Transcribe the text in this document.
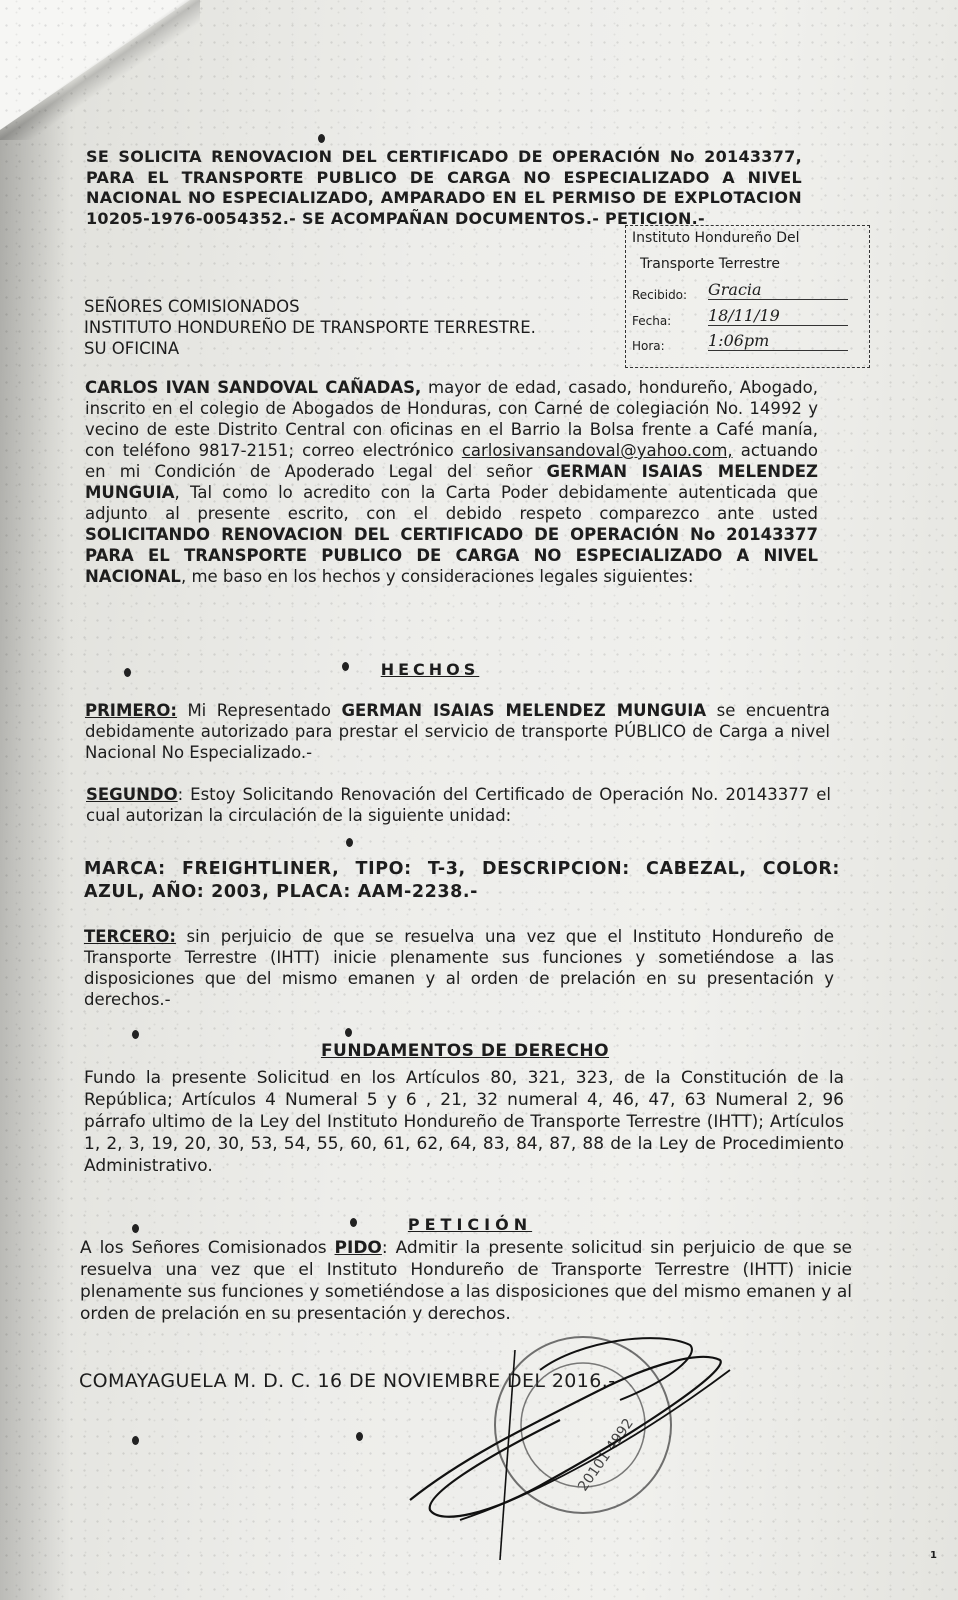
SE SOLICITA RENOVACION DEL CERTIFICADO DE OPERACIÓN No 20143377, PARA EL TRANSPORTE PUBLICO DE CARGA NO ESPECIALIZADO A NIVEL NACIONAL NO ESPECIALIZADO, AMPARADO EN EL PERMISO DE EXPLOTACION 10205-1976-0054352.- SE ACOMPAÑAN DOCUMENTOS.- PETICION.-
SEÑORES COMISIONADOS
INSTITUTO HONDUREÑO DE TRANSPORTE TERRESTRE.
SU OFICINA
Instituto Hondureño Del
Transporte Terrestre
Recibido: Gracia
Fecha: 18/11/19
Hora:	1:06pm

CARLOS IVAN SANDOVAL CAÑADAS, mayor de edad, casado, hondureño, Abogado, inscrito en el colegio de Abogados de Honduras, con Carné de colegiación No. 14992 y vecino de este Distrito Central con oficinas en el Barrio la Bolsa frente a Café manía, con teléfono 9817-2151; correo electrónico carlosivansandoval@yahoo.com, actuando en mi Condición de Apoderado Legal del señor GERMAN ISAIAS MELENDEZ MUNGUIA, Tal como lo acredito con la Carta Poder debidamente autenticada que adjunto al presente escrito, con el debido respeto comparezco ante usted SOLICITANDO RENOVACION DEL CERTIFICADO DE OPERACIÓN No 20143377 PARA EL TRANSPORTE PUBLICO DE CARGA NO ESPECIALIZADO A NIVEL NACIONAL, me baso en los hechos y consideraciones legales siguientes:

HECHOS

PRIMERO: Mi Representado GERMAN ISAIAS MELENDEZ MUNGUIA se encuentra debidamente autorizado para prestar el servicio de transporte PÚBLICO de Carga a nivel Nacional No Especializado.-

SEGUNDO: Estoy Solicitando Renovación del Certificado de Operación No. 20143377 el cual autorizan la circulación de la siguiente unidad:

MARCA: FREIGHTLINER, TIPO: T-3, DESCRIPCION: CABEZAL, COLOR: AZUL, AÑO: 2003, PLACA: AAM-2238.-

TERCERO: sin perjuicio de que se resuelva una vez que el Instituto Hondureño de Transporte Terrestre (IHTT) inicie plenamente sus funciones y sometiéndose a las disposiciones que del mismo emanen y al orden de prelación en su presentación y derechos.-

FUNDAMENTOS DE DERECHO

Fundo la presente Solicitud en los Artículos 80, 321, 323, de la Constitución de la República; Artículos 4 Numeral 5 y 6 , 21, 32 numeral 4, 46, 47, 63 Numeral 2, 96 párrafo ultimo de la Ley del Instituto Hondureño de Transporte Terrestre (IHTT); Artículos 1, 2, 3, 19, 20, 30, 53, 54, 55, 60, 61, 62, 64, 83, 84, 87, 88 de la Ley de Procedimiento Administrativo.

PETICIÓN

A los Señores Comisionados PIDO: Admitir la presente solicitud sin perjuicio de que se resuelva una vez que el Instituto Hondureño de Transporte Terrestre (IHTT) inicie plenamente sus funciones y sometiéndose a las disposiciones que del mismo emanen y al orden de prelación en su presentación y derechos.

COMAYAGUELA M. D. C. 16 DE NOVIEMBRE DEL 2016.-
20101 4992
1
